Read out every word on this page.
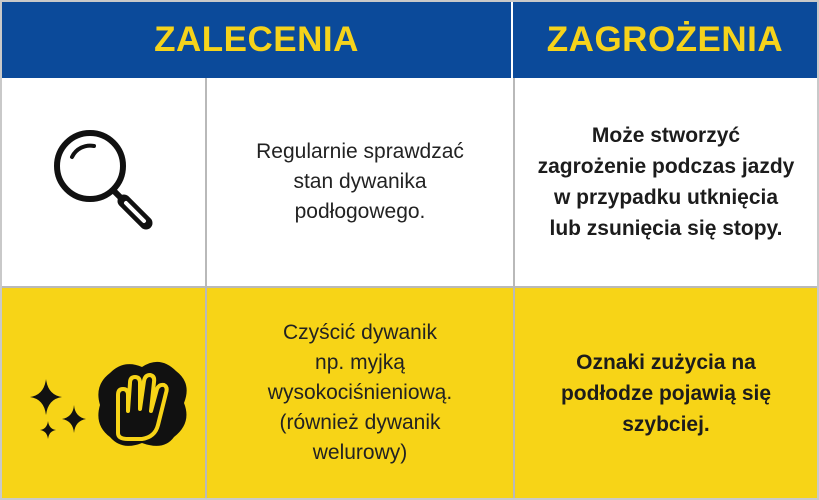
ZALECENIA	ZAGROŻENIA
Regularnie sprawdzać
stan dywanika
podłogowego.
Może stworzyć
zagrożenie podczas jazdy
w przypadku utknięcia
lub zsunięcia się stopy.
Czyścić dywanik
np. myjką
wysokociśnieniową.
(również dywanik
welurowy)
Oznaki zużycia na
podłodze pojawią się
szybciej.
